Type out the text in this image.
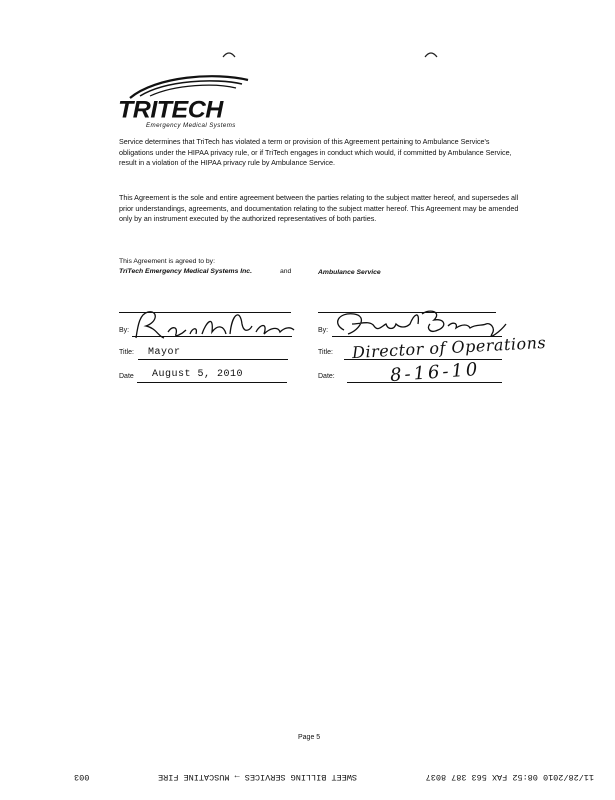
TRITECH
Emergency Medical Systems
Service determines that TriTech has violated a term or provision of this Agreement pertaining to Ambulance Service's obligations under the HIPAA privacy rule, or if TriTech engages in conduct which would, if committed by Ambulance Service, result in a violation of the HIPAA privacy rule by Ambulance Service.
This Agreement is the sole and entire agreement between the parties relating to the subject matter hereof, and supersedes all prior understandings, agreements, and documentation relating to the subject matter hereof. This Agreement may be amended only by an instrument executed by the authorized representatives of both parties.
This Agreement is agreed to by:
TriTech Emergency Medical Systems Inc.	and	Ambulance Service
By:
Title: Mayor
Date August 5, 2010
By:
Title: Director of Operations
Date:	8-16-10
Page 5
11/28/2010 08:52 FAX 563 387 8037
SWEET BILLING SERVICES → MUSCATINE FIRE
003
